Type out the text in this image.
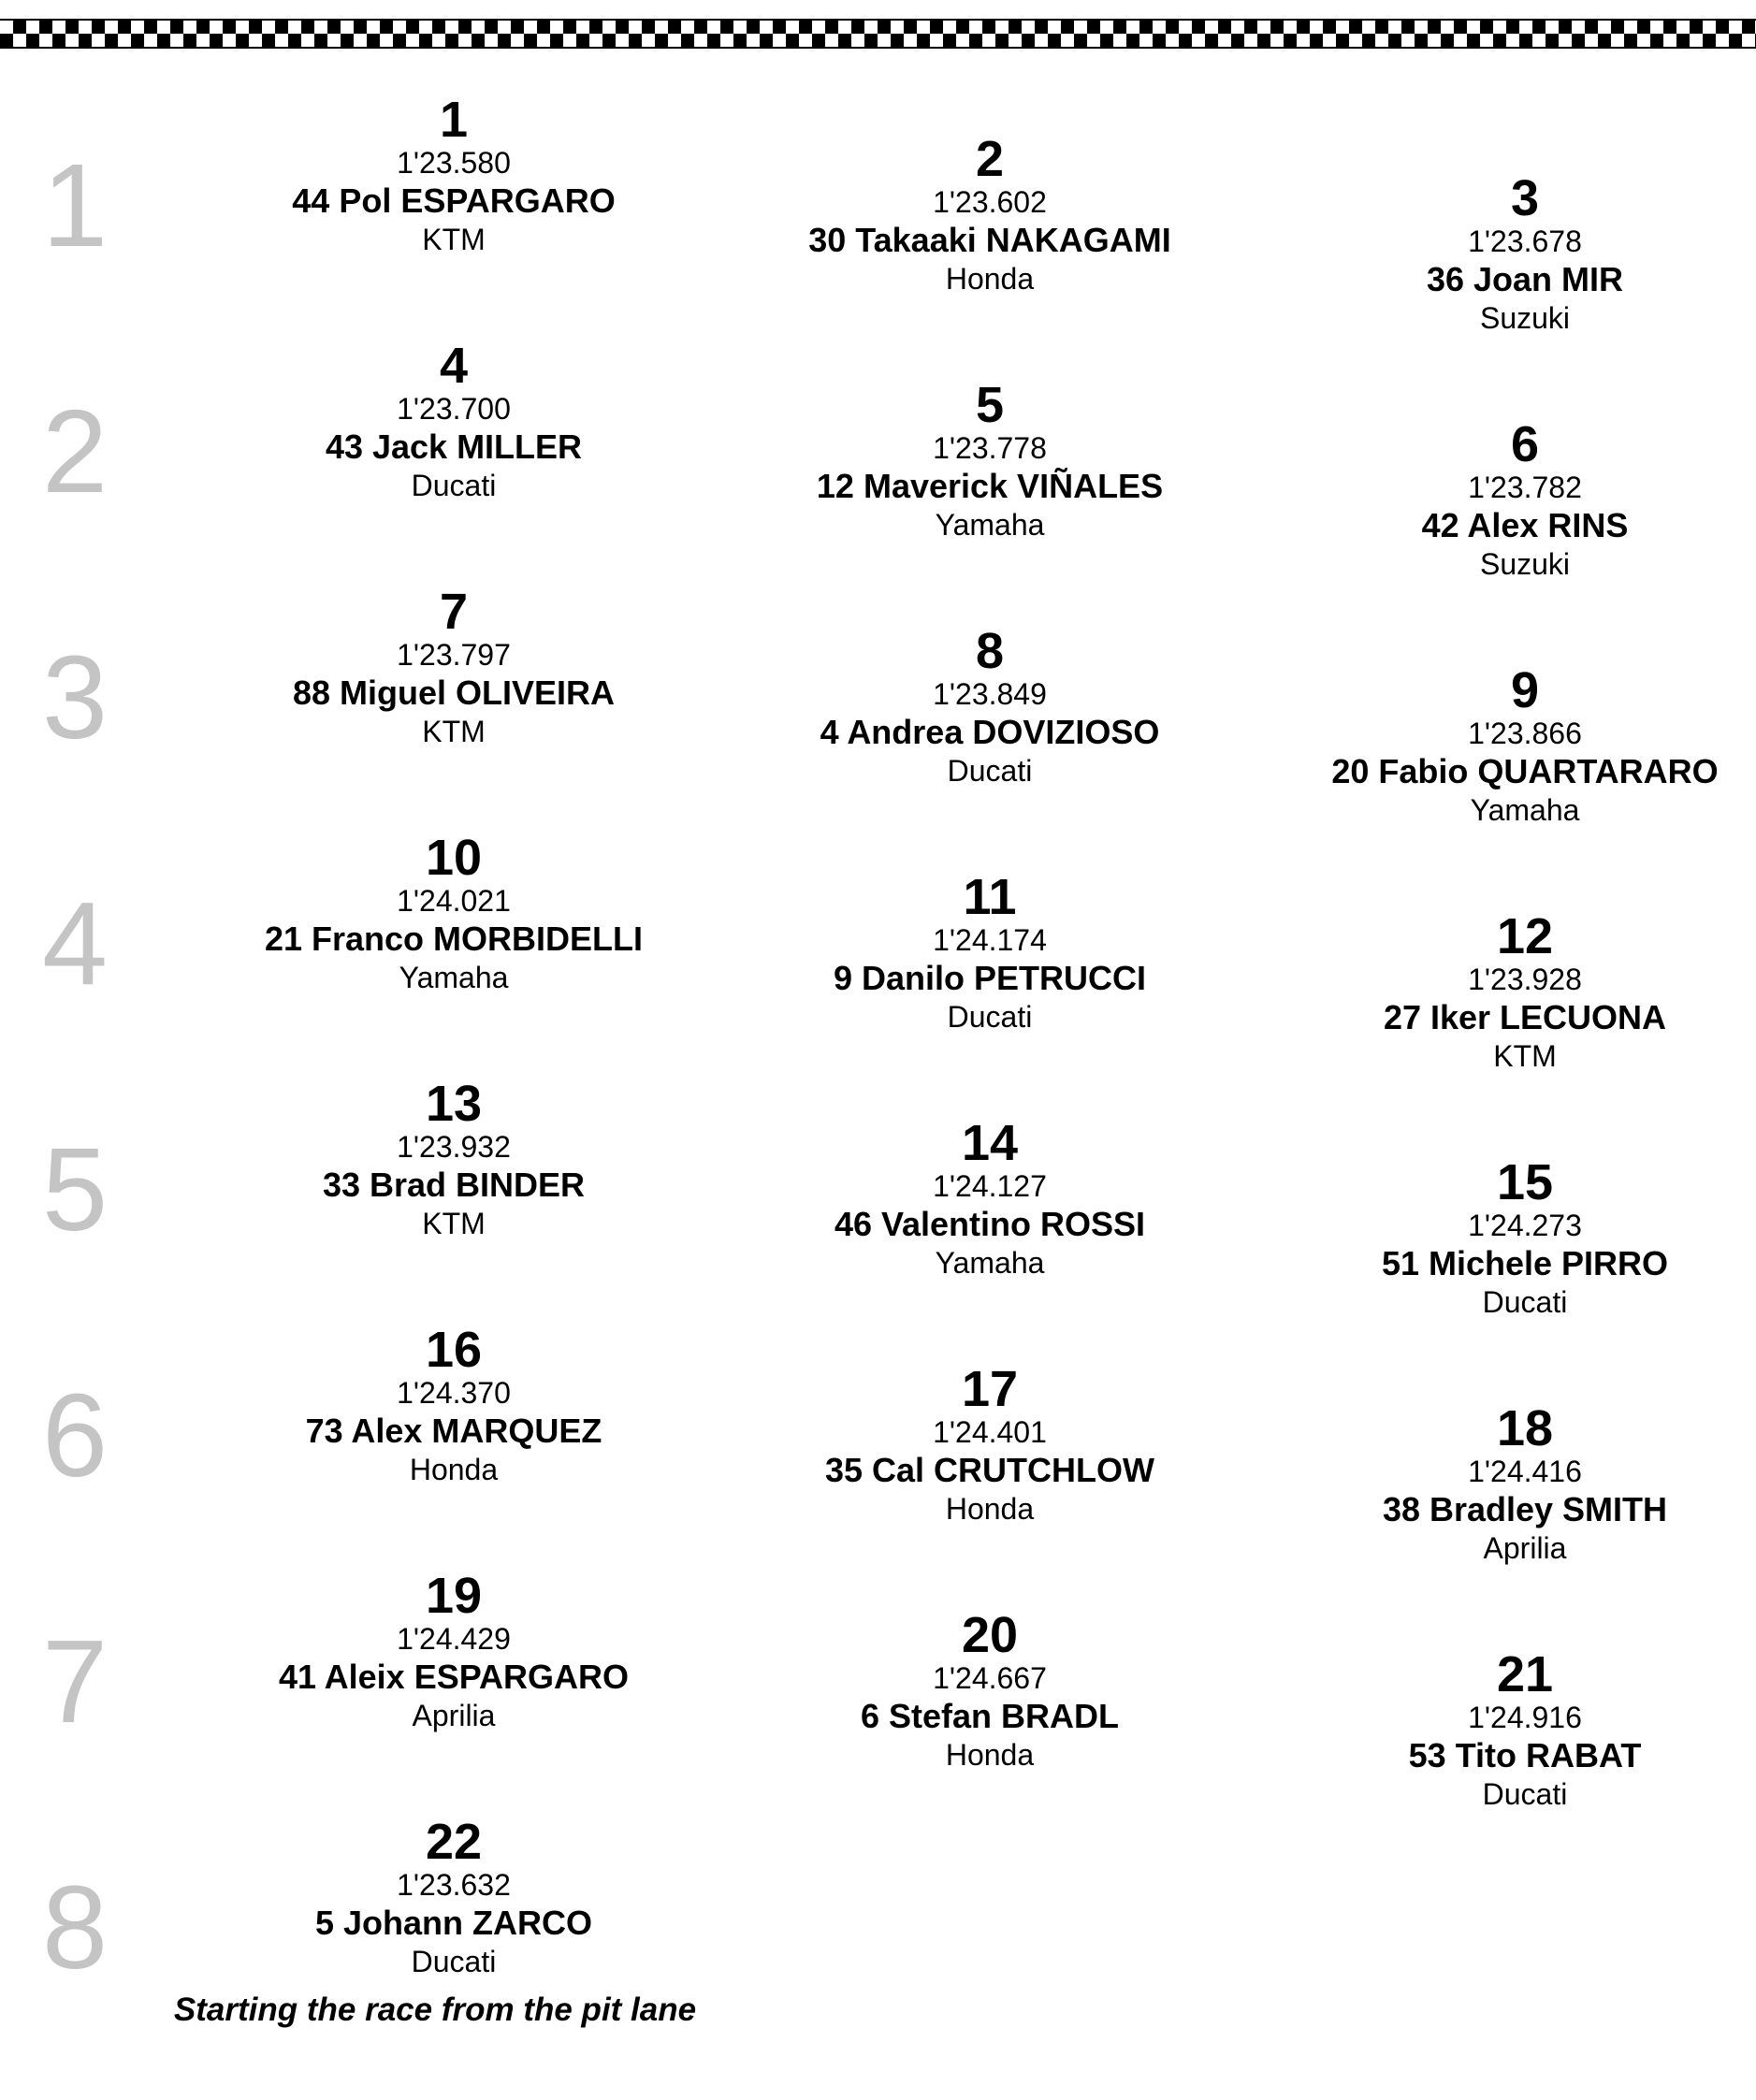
1
2
3
4
5
6
7
8
1
1'23.580
44 Pol ESPARGARO
KTM
2
1'23.602
30 Takaaki NAKAGAMI
Honda
3
1'23.678
36 Joan MIR
Suzuki
4
1'23.700
43 Jack MILLER
Ducati
5
1'23.778
12 Maverick VIÑALES
Yamaha
6
1'23.782
42 Alex RINS
Suzuki
7
1'23.797
88 Miguel OLIVEIRA
KTM
8
1'23.849
4 Andrea DOVIZIOSO
Ducati
9
1'23.866
20 Fabio QUARTARARO
Yamaha
10
1'24.021
21 Franco MORBIDELLI
Yamaha
11
1'24.174
9 Danilo PETRUCCI
Ducati
12
1'23.928
27 Iker LECUONA
KTM
13
1'23.932
33 Brad BINDER
KTM
14
1'24.127
46 Valentino ROSSI
Yamaha
15
1'24.273
51 Michele PIRRO
Ducati
16
1'24.370
73 Alex MARQUEZ
Honda
17
1'24.401
35 Cal CRUTCHLOW
Honda
18
1'24.416
38 Bradley SMITH
Aprilia
19
1'24.429
41 Aleix ESPARGARO
Aprilia
20
1'24.667
6 Stefan BRADL
Honda
21
1'24.916
53 Tito RABAT
Ducati
22
1'23.632
5 Johann ZARCO
Ducati
Starting the race from the pit lane
